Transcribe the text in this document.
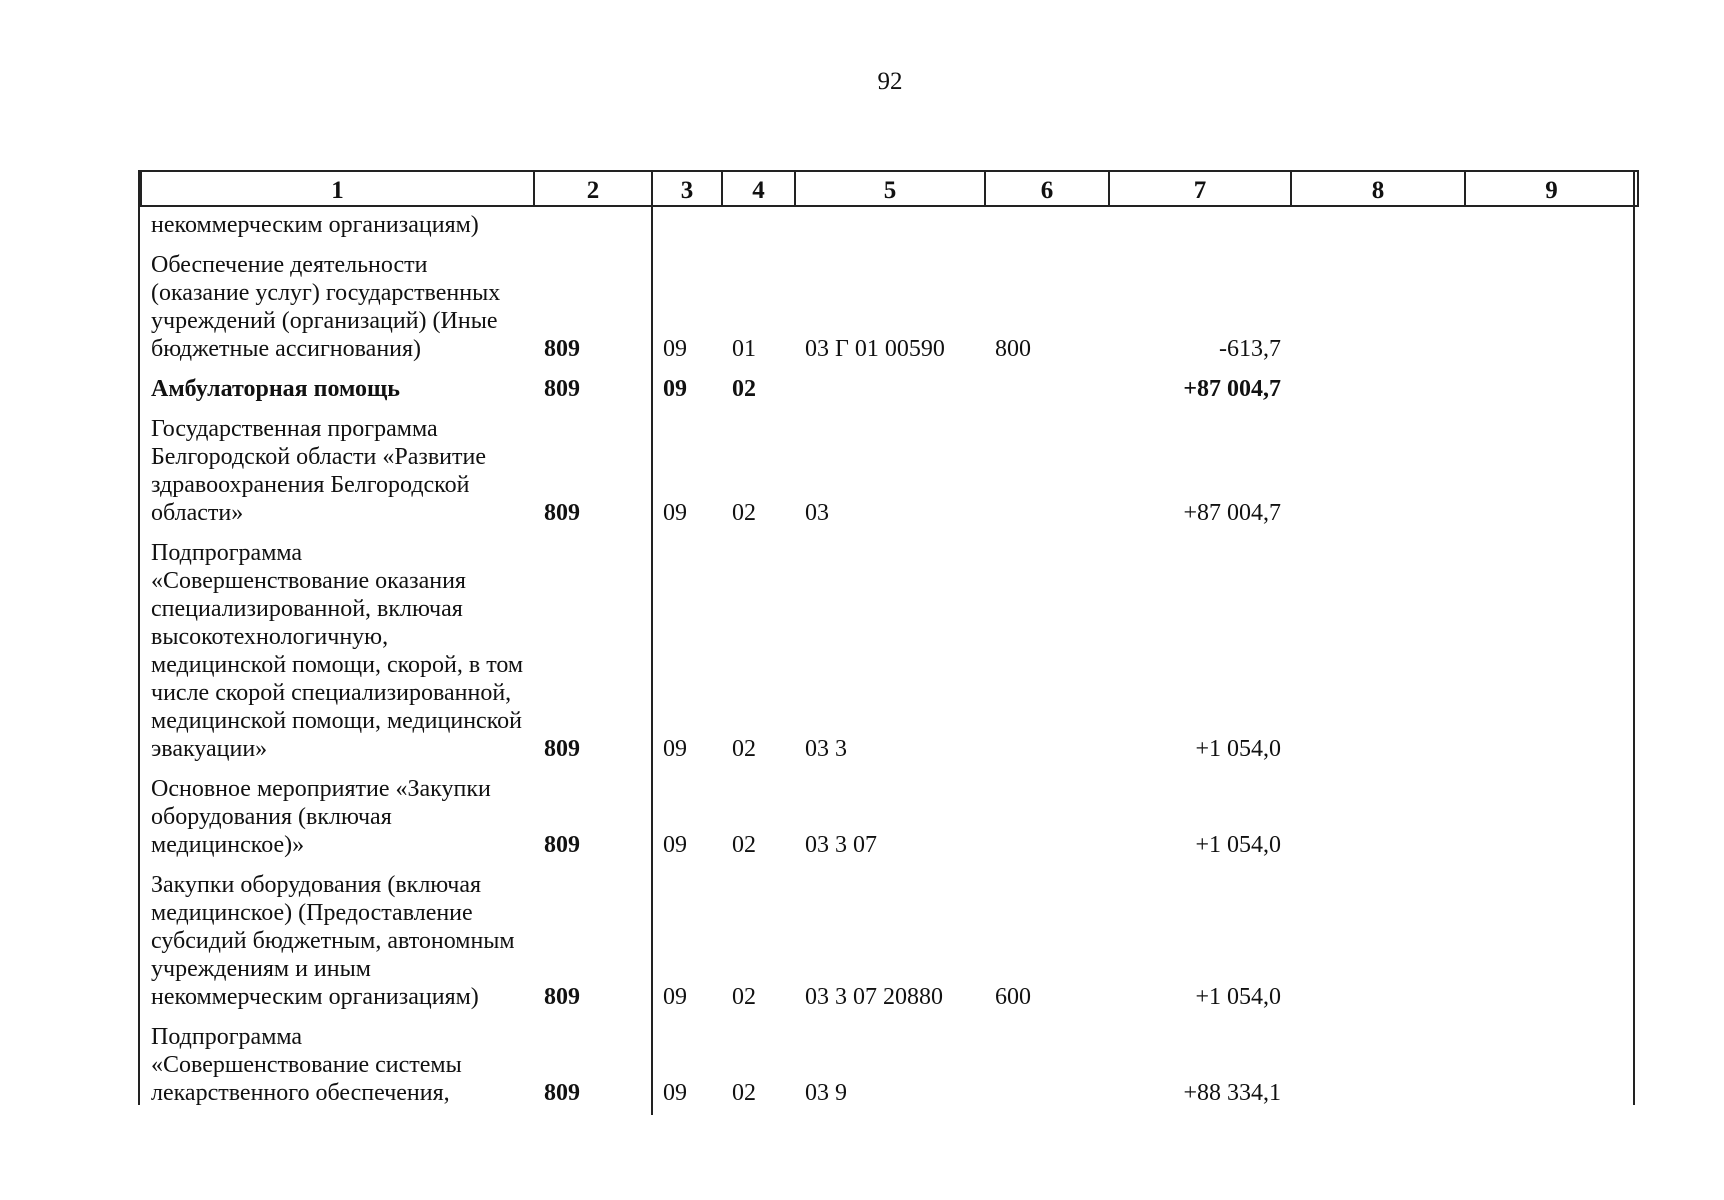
92
1	2	3	4	5	6	7	8	9
некоммерческим организациям)								
Обеспечение деятельности (оказание услуг) государственных учреждений (организаций) (Иные бюджетные ассигнования)	809	09	01	03 Г 01 00590	800	-613,7		
Амбулаторная помощь	809	09	02			+87 004,7		
Государственная программа Белгородской области «Развитие здравоохранения Белгородской области»	809	09	02	03		+87 004,7		
Подпрограмма «Совершенствование оказания специализированной, включая высокотехнологичную, медицинской помощи, скорой, в том числе скорой специализированной, медицинской помощи, медицинской эвакуации»	809	09	02	03 3		+1 054,0		
Основное мероприятие «Закупки оборудования (включая медицинское)»	809	09	02	03 3 07		+1 054,0		
Закупки оборудования (включая медицинское) (Предоставление субсидий бюджетным, автономным учреждениям и иным некоммерческим организациям)	809	09	02	03 3 07 20880	600	+1 054,0		
Подпрограмма «Совершенствование системы лекарственного обеспечения,	809	09	02	03 9		+88 334,1		
